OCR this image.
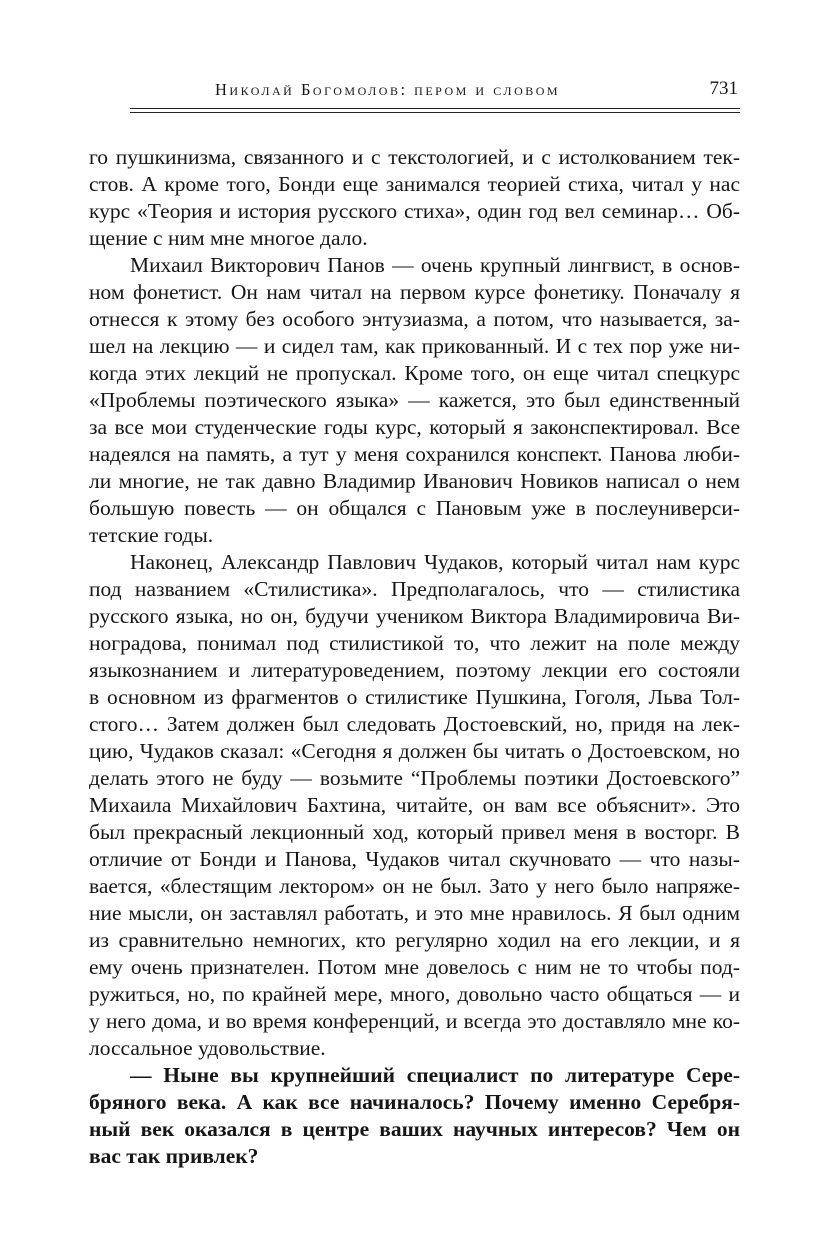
Николай Богомолов: пером и словом	731
го пушкинизма, связанного и с текстологией, и с истолкованием тек-
стов. А кроме того, Бонди еще занимался теорией стиха, читал у нас
курс «Теория и история русского стиха», один год вел семинар… Об-
щение с ним мне многое дало.
Михаил Викторович Панов — очень крупный лингвист, в основ-
ном фонетист. Он нам читал на первом курсе фонетику. Поначалу я
отнесся к этому без особого энтузиазма, а потом, что называется, за-
шел на лекцию — и сидел там, как прикованный. И с тех пор уже ни-
когда этих лекций не пропускал. Кроме того, он еще читал спецкурс
«Проблемы поэтического языка» — кажется, это был единственный
за все мои студенческие годы курс, который я законспектировал. Все
надеялся на память, а тут у меня сохранился конспект. Панова люби-
ли многие, не так давно Владимир Иванович Новиков написал о нем
большую повесть — он общался с Пановым уже в послеуниверси-
тетские годы.
Наконец, Александр Павлович Чудаков, который читал нам курс
под названием «Стилистика». Предполагалось, что — стилистика
русского языка, но он, будучи учеником Виктора Владимировича Ви-
ноградова, понимал под стилистикой то, что лежит на поле между
языкознанием и литературоведением, поэтому лекции его состояли
в основном из фрагментов о стилистике Пушкина, Гоголя, Льва Тол-
стого… Затем должен был следовать Достоевский, но, придя на лек-
цию, Чудаков сказал: «Сегодня я должен бы читать о Достоевском, но
делать этого не буду — возьмите “Проблемы поэтики Достоевского”
Михаила Михайлович Бахтина, читайте, он вам все объяснит». Это
был прекрасный лекционный ход, который привел меня в восторг. В
отличие от Бонди и Панова, Чудаков читал скучновато — что назы-
вается, «блестящим лектором» он не был. Зато у него было напряже-
ние мысли, он заставлял работать, и это мне нравилось. Я был одним
из сравнительно немногих, кто регулярно ходил на его лекции, и я
ему очень признателен. Потом мне довелось с ним не то чтобы под-
ружиться, но, по крайней мере, много, довольно часто общаться — и
у него дома, и во время конференций, и всегда это доставляло мне ко-
лоссальное удовольствие.
— Ныне вы крупнейший специалист по литературе Сере-
бряного века. А как все начиналось? Почему именно Серебря-
ный век оказался в центре ваших научных интересов? Чем он
вас так привлек?
